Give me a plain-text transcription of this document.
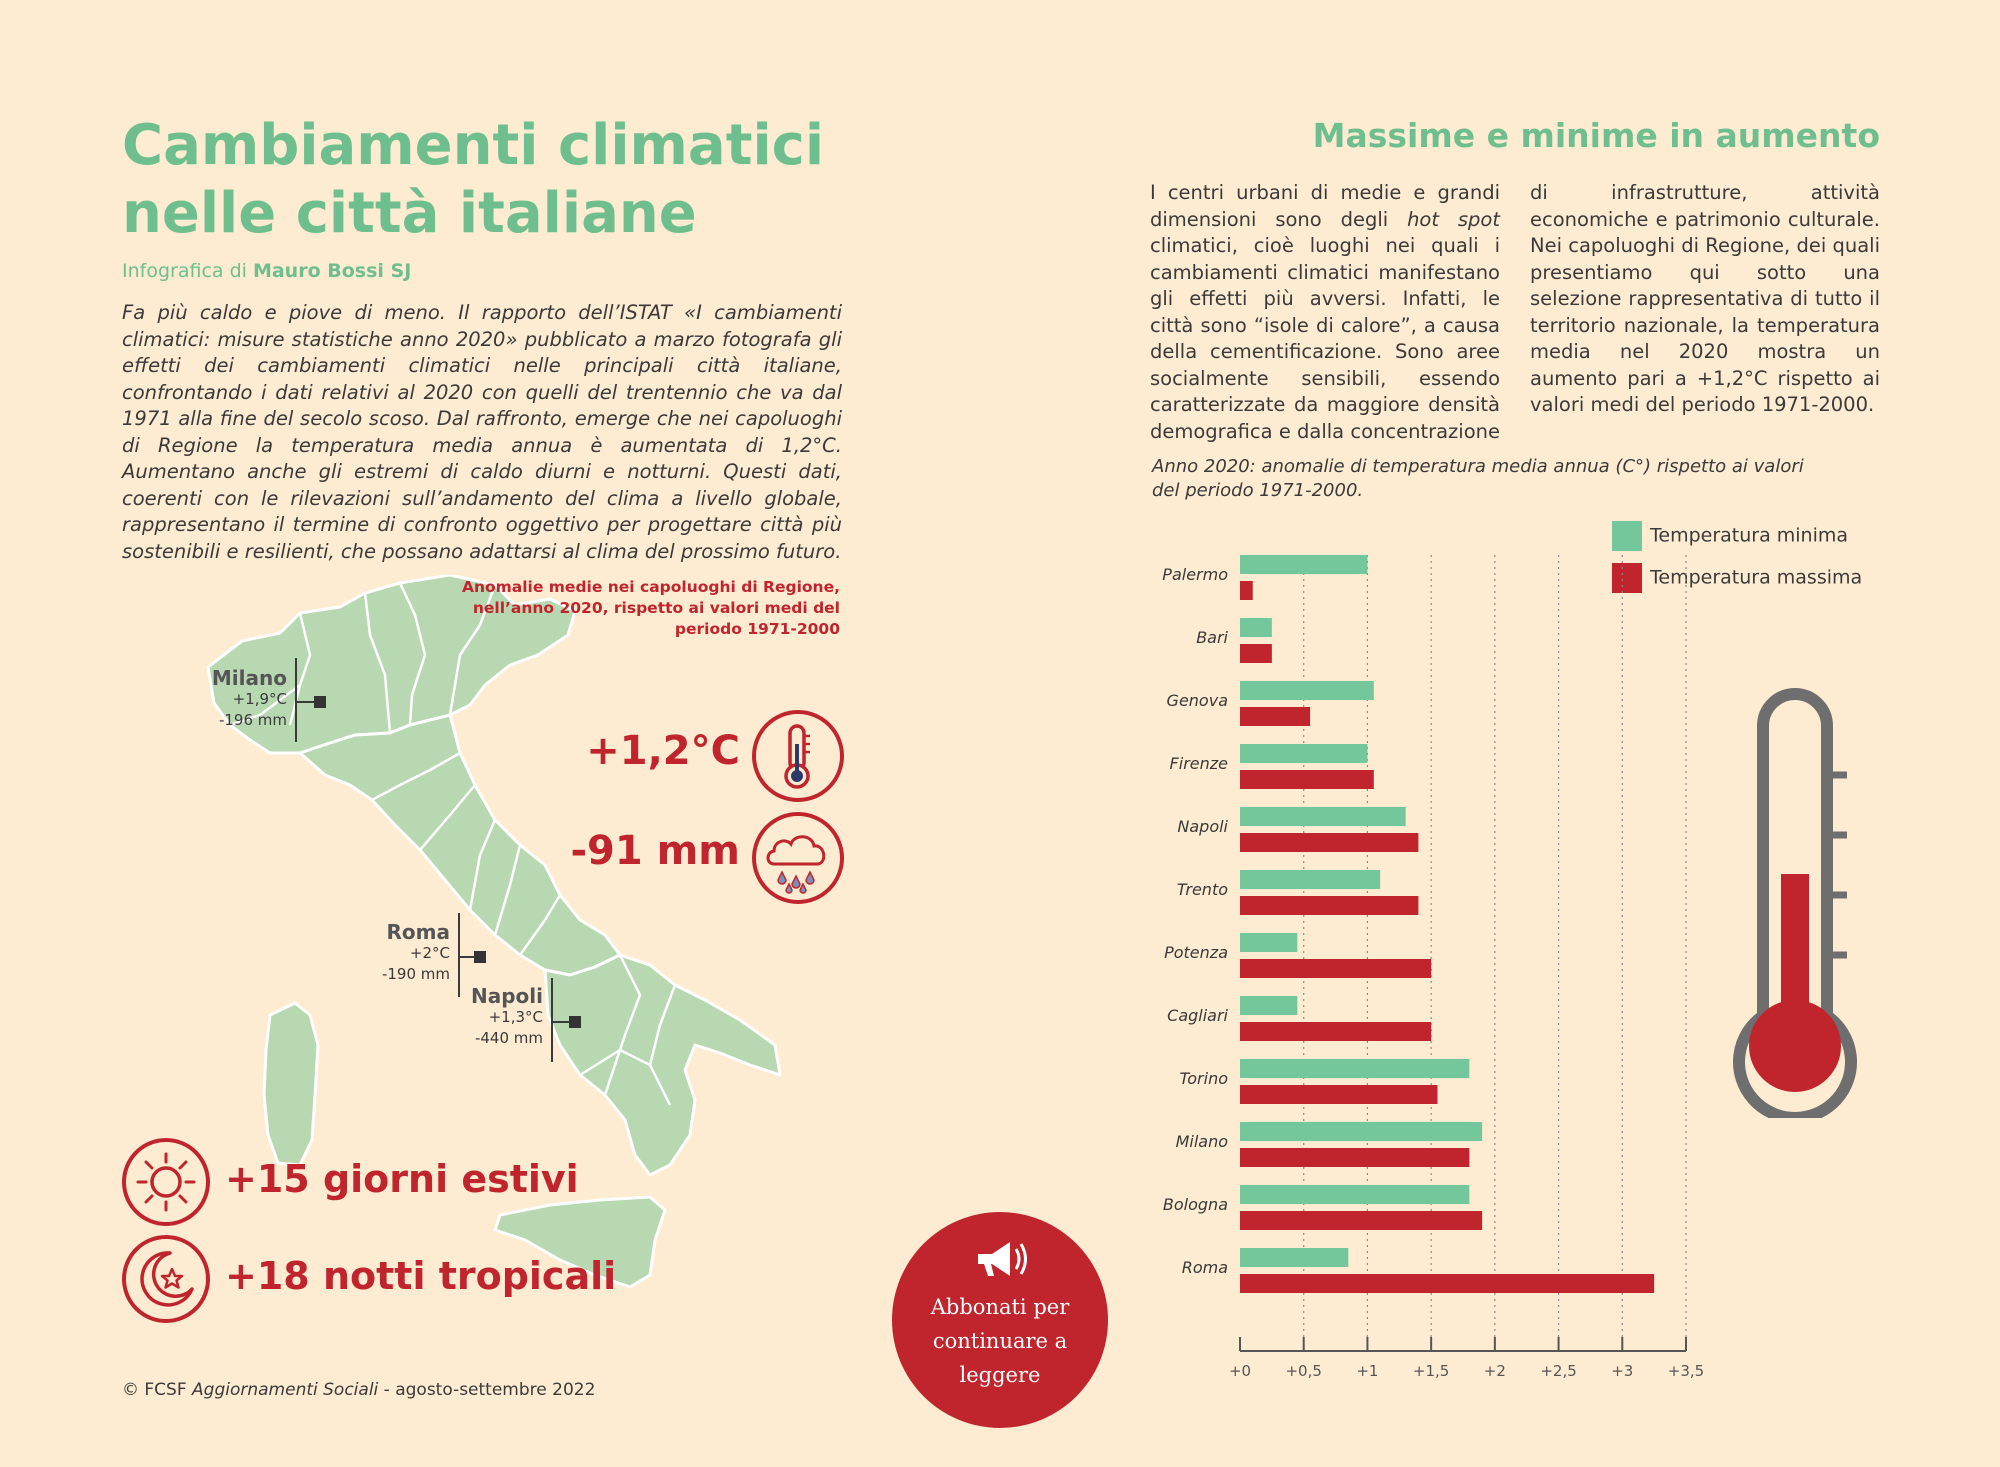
Cambiamenti climatici
nelle città italiane
Infografica di Mauro Bossi SJ
Fa più caldo e piove di meno. Il rapporto dell’ISTAT «I cambiamenti climatici: misure statistiche anno 2020» pubblicato a marzo fotografa gli effetti dei cambiamenti climatici nelle principali città italiane, confrontando i dati relativi al 2020 con quelli del trentennio che va dal 1971 alla fine del secolo scoso. Dal raffronto, emerge che nei capoluoghi di Regione la temperatura media annua è aumentata di 1,2°C. Aumentano anche gli estremi di caldo diurni e notturni. Questi dati, coerenti con le rilevazioni sull’andamento del clima a livello globale, rappresentano il termine di confronto oggettivo per progettare città più sostenibili e resilienti, che possano adattarsi al clima del prossimo futuro.
Anomalie medie nei capoluoghi di Regione, nell’anno 2020, rispetto ai valori medi del periodo 1971-2000
Milano
+1,9°C
-196 mm
Roma
+2°C
-190 mm
Napoli
+1,3°C
-440 mm
+1,2°C
-91 mm
+15 giorni estivi
+18 notti tropicali
Massime e minime in aumento
I centri urbani di medie e grandi dimensioni sono degli hot spot climatici, cioè luoghi nei quali i cambiamenti climatici manifestano gli effetti più avversi. Infatti, le città sono “isole di calore”, a causa della cementificazione. Sono aree socialmente sensibili, essendo caratterizzate da maggiore densità demografica e dalla concentrazione di infrastrutture, attività economiche e patrimonio culturale. Nei capoluoghi di Regione, dei quali presentiamo qui sotto una selezione rappresentativa di tutto il territorio nazionale, la temperatura media nel 2020 mostra un aumento pari a +1,2°C rispetto ai valori medi del periodo 1971-2000.
Anno 2020: anomalie di temperatura media annua (C°) rispetto ai valori
del periodo 1971-2000.
Temperatura minima
Temperatura massima
Palermo
Bari
Genova
Firenze
Napoli
Trento
Potenza
Cagliari
Torino
Milano
Bologna
Roma
+0 +0,5 +1 +1,5 +2 +2,5 +3 +3,5
Abbonati per
continuare a
leggere
© FCSF Aggiornamenti Sociali - agosto-settembre 2022
